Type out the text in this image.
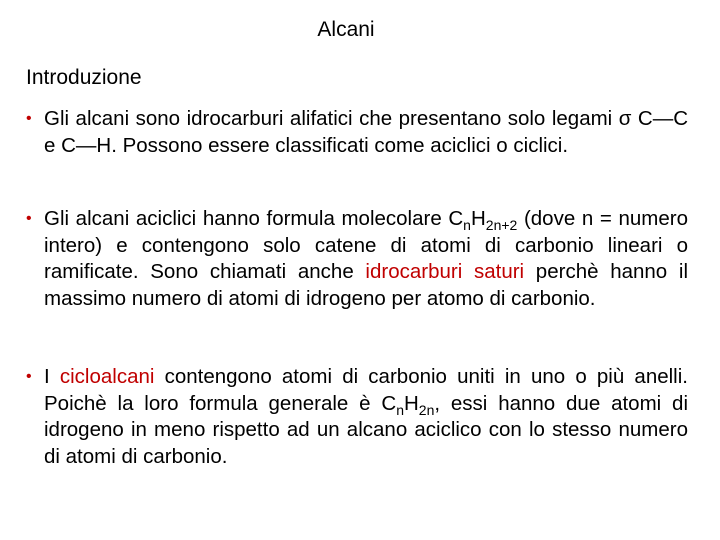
Alcani
Introduzione
• Gli alcani sono idrocarburi alifatici che presentano solo legami σ C—C e C—H. Possono essere classificati come aciclici o ciclici.
• Gli alcani aciclici hanno formula molecolare $C_nH_{2n+2}$ (dove n = numero intero) e contengono solo catene di atomi di carbonio lineari o ramificate. Sono chiamati anche idrocarburi saturi perchè hanno il massimo numero di atomi di idrogeno per atomo di carbonio.
• I cicloalcani contengono atomi di carbonio uniti in uno o più anelli. Poichè la loro formula generale è $C_nH_{2n}$, essi hanno due atomi di idrogeno in meno rispetto ad un alcano aciclico con lo stesso numero di atomi di carbonio.
